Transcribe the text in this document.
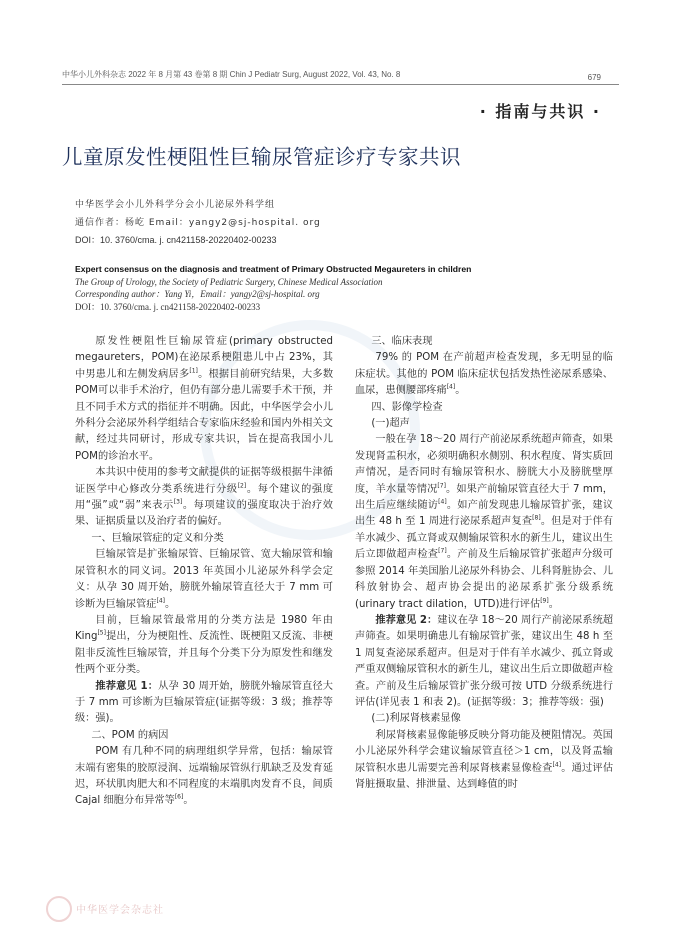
中华小儿外科杂志 2022 年 8 月第 43 卷第 8 期 Chin J Pediatr Surg, August 2022, Vol. 43, No. 8	679
· 指南与共识 ·
儿童原发性梗阻性巨输尿管症诊疗专家共识
中华医学会小儿外科学分会小儿泌尿外科学组
通信作者：杨屹 Email：yangy2@sj-hospital. org
DOI：10. 3760/cma. j. cn421158-20220402-00233
Expert consensus on the diagnosis and treatment of Primary Obstructed Megaureters in children
The Group of Urology, the Society of Pediatric Surgery, Chinese Medical Association
Corresponding author：Yang Yi，Email：yangy2@sj-hospital. org
DOI：10. 3760/cma. j. cn421158-20220402-00233

原发性梗阻性巨输尿管症(primary obstructed megaureters，POM)在泌尿系梗阻患儿中占 23%，其中男患儿和左侧发病居多[1]。根据目前研究结果，大多数POM可以非手术治疗，但仍有部分患儿需要手术干预，并且不同手术方式的指征并不明确。因此，中华医学会小儿外科分会泌尿外科学组结合专家临床经验和国内外相关文献，经过共同研讨，形成专家共识，旨在提高我国小儿POM的诊治水平。

本共识中使用的参考文献提供的证据等级根据牛津循证医学中心修改分类系统进行分级[2]。每个建议的强度用“强”或“弱”来表示[3]。每项建议的强度取决于治疗效果、证据质量以及治疗者的偏好。

一、巨输尿管症的定义和分类

巨输尿管是扩张输尿管、巨输尿管、宽大输尿管和输尿管积水的同义词。2013 年英国小儿泌尿外科学会定义：从孕 30 周开始，膀胱外输尿管直径大于 7 mm 可诊断为巨输尿管症[4]。

目前，巨输尿管最常用的分类方法是 1980 年由 King[5]提出，分为梗阻性、反流性、既梗阻又反流、非梗阻非反流性巨输尿管，并且每个分类下分为原发性和继发性两个亚分类。

推荐意见 1：从孕 30 周开始，膀胱外输尿管直径大于 7 mm 可诊断为巨输尿管症(证据等级：3 级；推荐等级：强)。

二、POM 的病因

POM 有几种不同的病理组织学异常，包括：输尿管末端有密集的胶原浸润、远端输尿管纵行肌缺乏及发育延迟，环状肌肉肥大和不同程度的末端肌肉发育不良，间质 Cajal 细胞分布异常等[6]。

三、临床表现

79% 的 POM 在产前超声检查发现，多无明显的临床症状。其他的 POM 临床症状包括发热性泌尿系感染、血尿，患侧腰部疼痛[4]。

四、影像学检查

(一)超声

一般在孕 18～20 周行产前泌尿系统超声筛查，如果发现肾盂积水，必须明确积水侧别、积水程度、肾实质回声情况，是否同时有输尿管积水、膀胱大小及膀胱壁厚度，羊水量等情况[7]。如果产前输尿管直径大于 7 mm，出生后应继续随访[4]。如产前发现患儿输尿管扩张，建议出生 48 h 至 1 周进行泌尿系超声复查[8]。但是对于伴有羊水减少、孤立肾或双侧输尿管积水的新生儿，建议出生后立即做超声检查[7]。产前及生后输尿管扩张超声分级可参照 2014 年美国胎儿泌尿外科协会、儿科肾脏协会、儿科放射协会、超声协会提出的泌尿系扩张分级系统(urinary tract dilation，UTD)进行评估[9]。

推荐意见 2：建议在孕 18～20 周行产前泌尿系统超声筛查。如果明确患儿有输尿管扩张，建议出生 48 h 至 1 周复查泌尿系超声。但是对于伴有羊水减少、孤立肾或严重双侧输尿管积水的新生儿，建议出生后立即做超声检查。产前及生后输尿管扩张分级可按 UTD 分级系统进行评估(详见表 1 和表 2)。(证据等级：3；推荐等级：强)

(二)利尿肾核素显像

利尿肾核素显像能够反映分肾功能及梗阻情况。英国小儿泌尿外科学会建议输尿管直径＞1 cm，以及肾盂输尿管积水患儿需要完善利尿肾核素显像检查[4]。通过评估肾脏摄取量、排泄量、达到峰值的时

中华医学会杂志社
